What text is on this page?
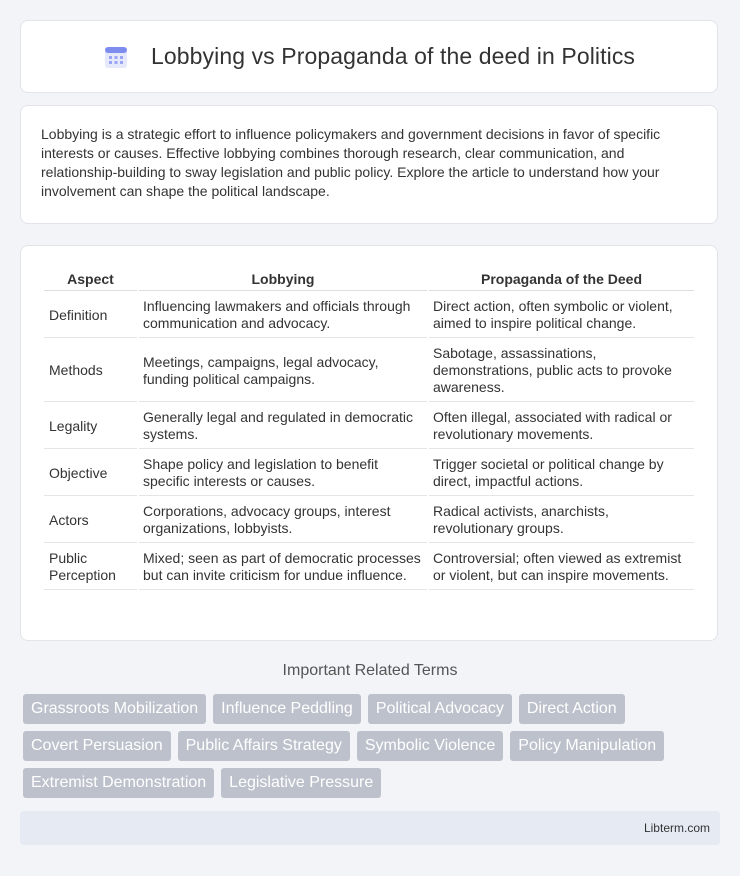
Lobbying vs Propaganda of the deed in Politics
Lobbying is a strategic effort to influence policymakers and government decisions in favor of specific interests or causes. Effective lobbying combines thorough research, clear communication, and relationship-building to sway legislation and public policy. Explore the article to understand how your involvement can shape the political landscape.
Aspect	Lobbying	Propaganda of the Deed
Definition	Influencing lawmakers and officials through communication and advocacy.	Direct action, often symbolic or violent, aimed to inspire political change.
Methods	Meetings, campaigns, legal advocacy, funding political campaigns.	Sabotage, assassinations, demonstrations, public acts to provoke awareness.
Legality	Generally legal and regulated in democratic systems.	Often illegal, associated with radical or revolutionary movements.
Objective	Shape policy and legislation to benefit specific interests or causes.	Trigger societal or political change by direct, impactful actions.
Actors	Corporations, advocacy groups, interest organizations, lobbyists.	Radical activists, anarchists, revolutionary groups.
Public Perception	Mixed; seen as part of democratic processes but can invite criticism for undue influence.	Controversial; often viewed as extremist or violent, but can inspire movements.
Important Related Terms
Grassroots Mobilization	Influence Peddling	Political Advocacy	Direct Action
Covert Persuasion	Public Affairs Strategy	Symbolic Violence	Policy Manipulation
Extremist Demonstration	Legislative Pressure
Libterm.com
